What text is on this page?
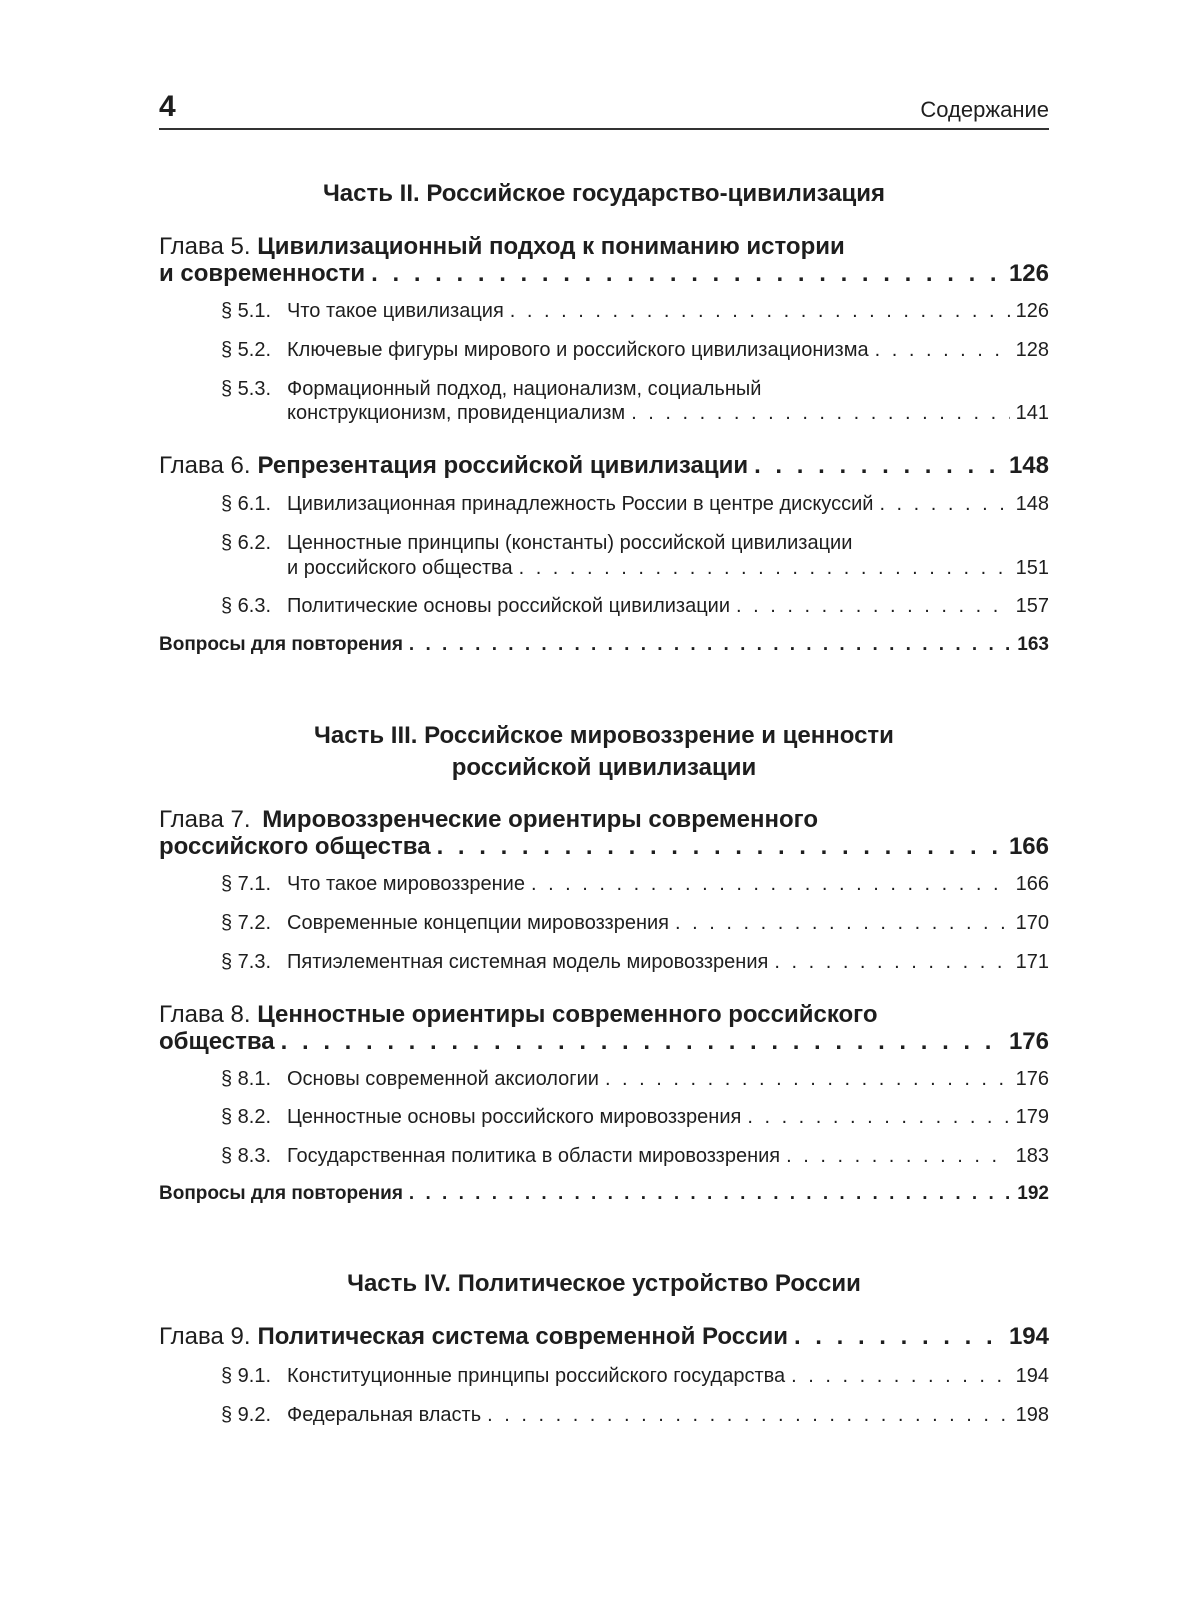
4	Содержание
Часть II. Российское государство-цивилизация
Глава 5. Цивилизационный подход к пониманию истории
и современности . . .	126
§ 5.1. Что такое цивилизация . . .	126
§ 5.2. Ключевые фигуры мирового и российского цивилизационизма . . .	128
§ 5.3. Формационный подход, национализм, социальный
конструкционизм, провиденциализм . . .	141
Глава 6. Репрезентация российской цивилизации . . .	148
§ 6.1. Цивилизационная принадлежность России в центре дискуссий . . .	148
§ 6.2. Ценностные принципы (константы) российской цивилизации
и российского общества . . .	151
§ 6.3. Политические основы российской цивилизации . . .	157
Вопросы для повторения . . .	163
Часть III. Российское мировоззрение и ценности
российской цивилизации
Глава 7. Мировоззренческие ориентиры современного
российского общества . . .	166
§ 7.1. Что такое мировоззрение . . .	166
§ 7.2. Современные концепции мировоззрения . . .	170
§ 7.3. Пятиэлементная системная модель мировоззрения . . .	171
Глава 8. Ценностные ориентиры современного российского
общества . . .	176
§ 8.1. Основы современной аксиологии . . .	176
§ 8.2. Ценностные основы российского мировоззрения . . .	179
§ 8.3. Государственная политика в области мировоззрения . . .	183
Вопросы для повторения . . .	192
Часть IV. Политическое устройство России
Глава 9. Политическая система современной России . . .	194
§ 9.1. Конституционные принципы российского государства . . .	194
§ 9.2. Федеральная власть . . .	198
